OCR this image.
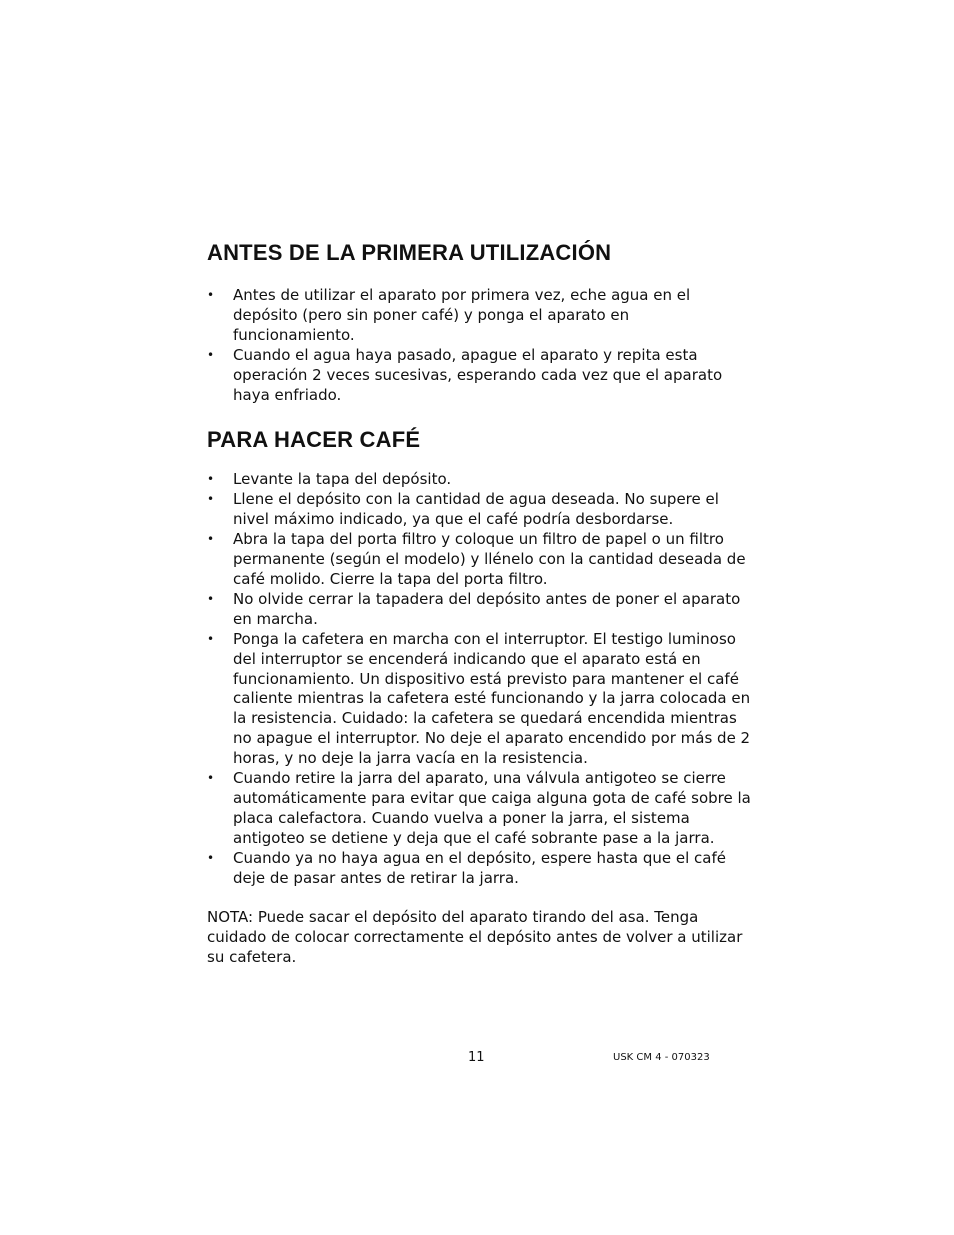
ANTES DE LA PRIMERA UTILIZACIÓN
• Antes de utilizar el aparato por primera vez, eche agua en el depósito (pero sin poner café) y ponga el aparato en funcionamiento.
• Cuando el agua haya pasado, apague el aparato y repita esta operación 2 veces sucesivas, esperando cada vez que el aparato haya enfriado.
PARA HACER CAFÉ
• Levante la tapa del depósito.
• Llene el depósito con la cantidad de agua deseada. No supere el nivel máximo indicado, ya que el café podría desbordarse.
• Abra la tapa del porta filtro y coloque un filtro de papel o un filtro permanente (según el modelo) y llénelo con la cantidad deseada de café molido. Cierre la tapa del porta filtro.
• No olvide cerrar la tapadera del depósito antes de poner el aparato en marcha.
• Ponga la cafetera en marcha con el interruptor. El testigo luminoso del interruptor se encenderá indicando que el aparato está en funcionamiento. Un dispositivo está previsto para mantener el café caliente mientras la cafetera esté funcionando y la jarra colocada en la resistencia. Cuidado: la cafetera se quedará encendida mientras no apague el interruptor. No deje el aparato encendido por más de 2 horas, y no deje la jarra vacía en la resistencia.
• Cuando retire la jarra del aparato, una válvula antigoteo se cierre automáticamente para evitar que caiga alguna gota de café sobre la placa calefactora. Cuando vuelva a poner la jarra, el sistema antigoteo se detiene y deja que el café sobrante pase a la jarra.
• Cuando ya no haya agua en el depósito, espere hasta que el café deje de pasar antes de retirar la jarra.

NOTA: Puede sacar el depósito del aparato tirando del asa. Tenga cuidado de colocar correctamente el depósito antes de volver a utilizar su cafetera.

11	USK CM 4 - 070323
